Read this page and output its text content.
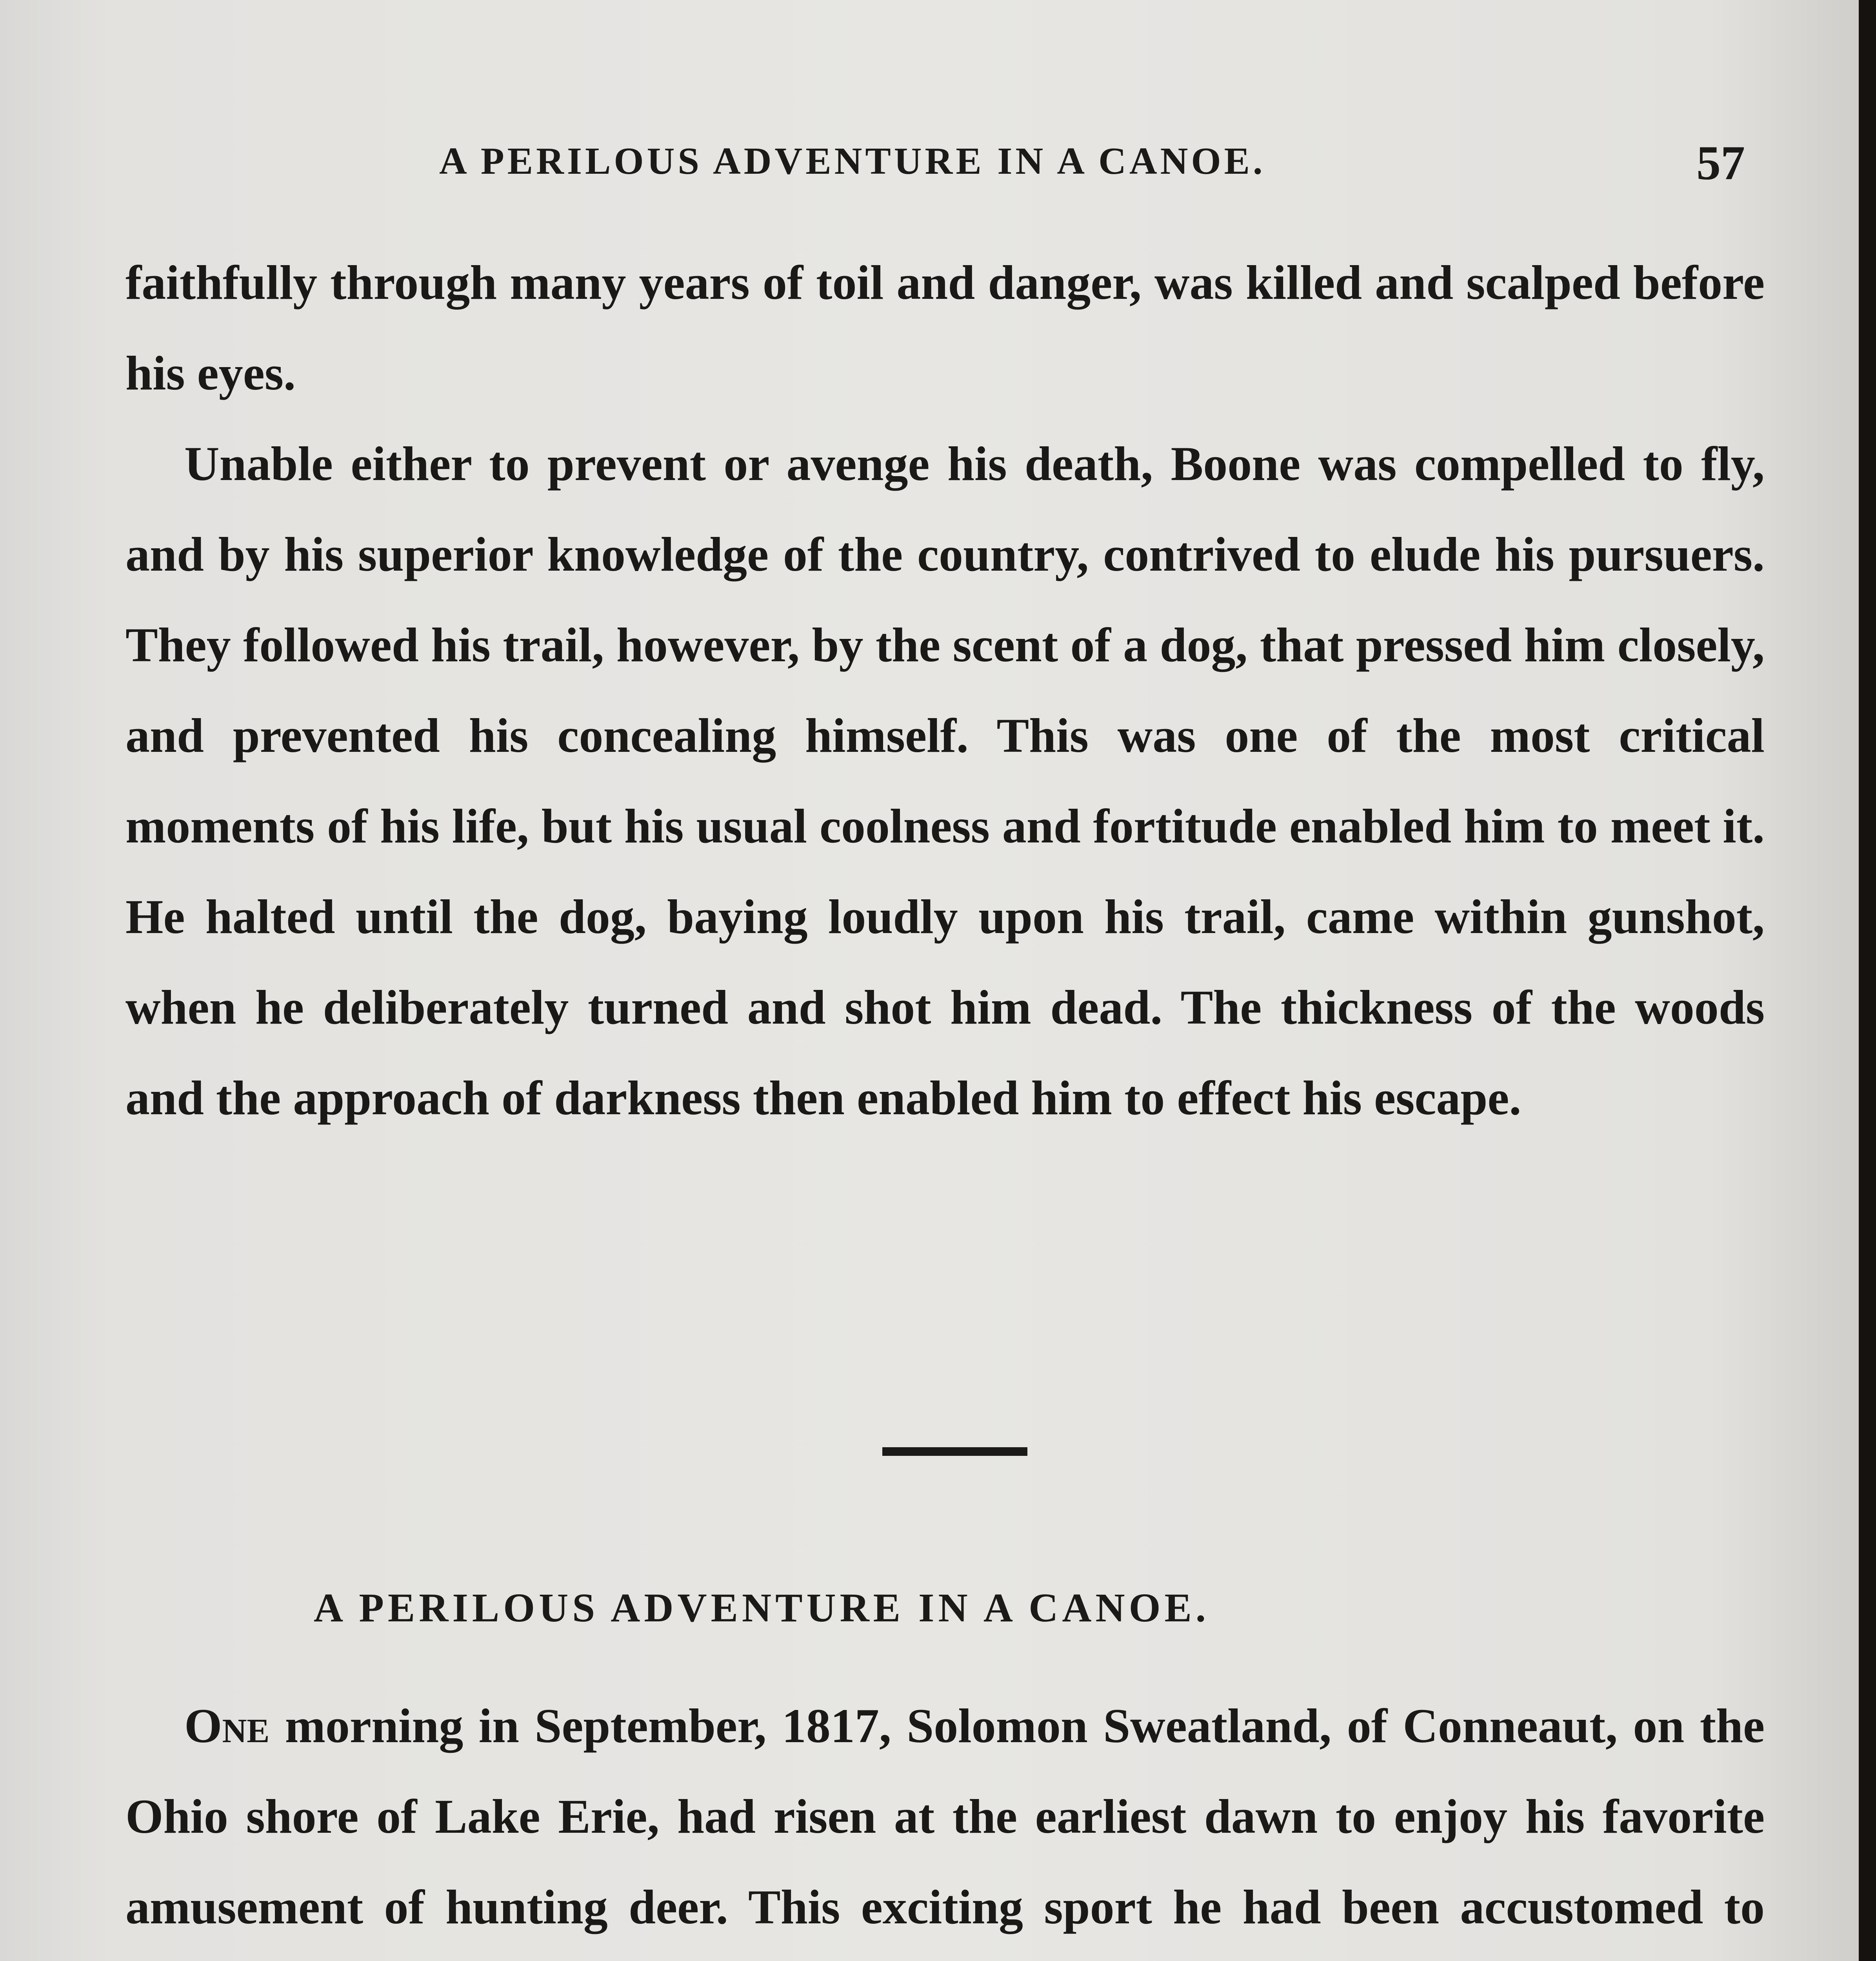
A PERILOUS ADVENTURE IN A CANOE.	57

faithfully through many years of toil and danger, was killed and scalped before his eyes.

Unable either to prevent or avenge his death, Boone was compelled to fly, and by his superior knowledge of the country, contrived to elude his pursuers. They followed his trail, however, by the scent of a dog, that pressed him closely, and prevented his concealing himself. This was one of the most critical moments of his life, but his usual coolness and fortitude enabled him to meet it. He halted until the dog, baying loudly upon his trail, came within gunshot, when he deliberately turned and shot him dead. The thickness of the woods and the approach of darkness then enabled him to effect his escape.

A PERILOUS ADVENTURE IN A CANOE.

One morning in September, 1817, Solomon Sweatland, of Conneaut, on the Ohio shore of Lake Erie, had risen at the earliest dawn to enjoy his favorite amusement of hunting deer. This exciting sport he had been accustomed to
